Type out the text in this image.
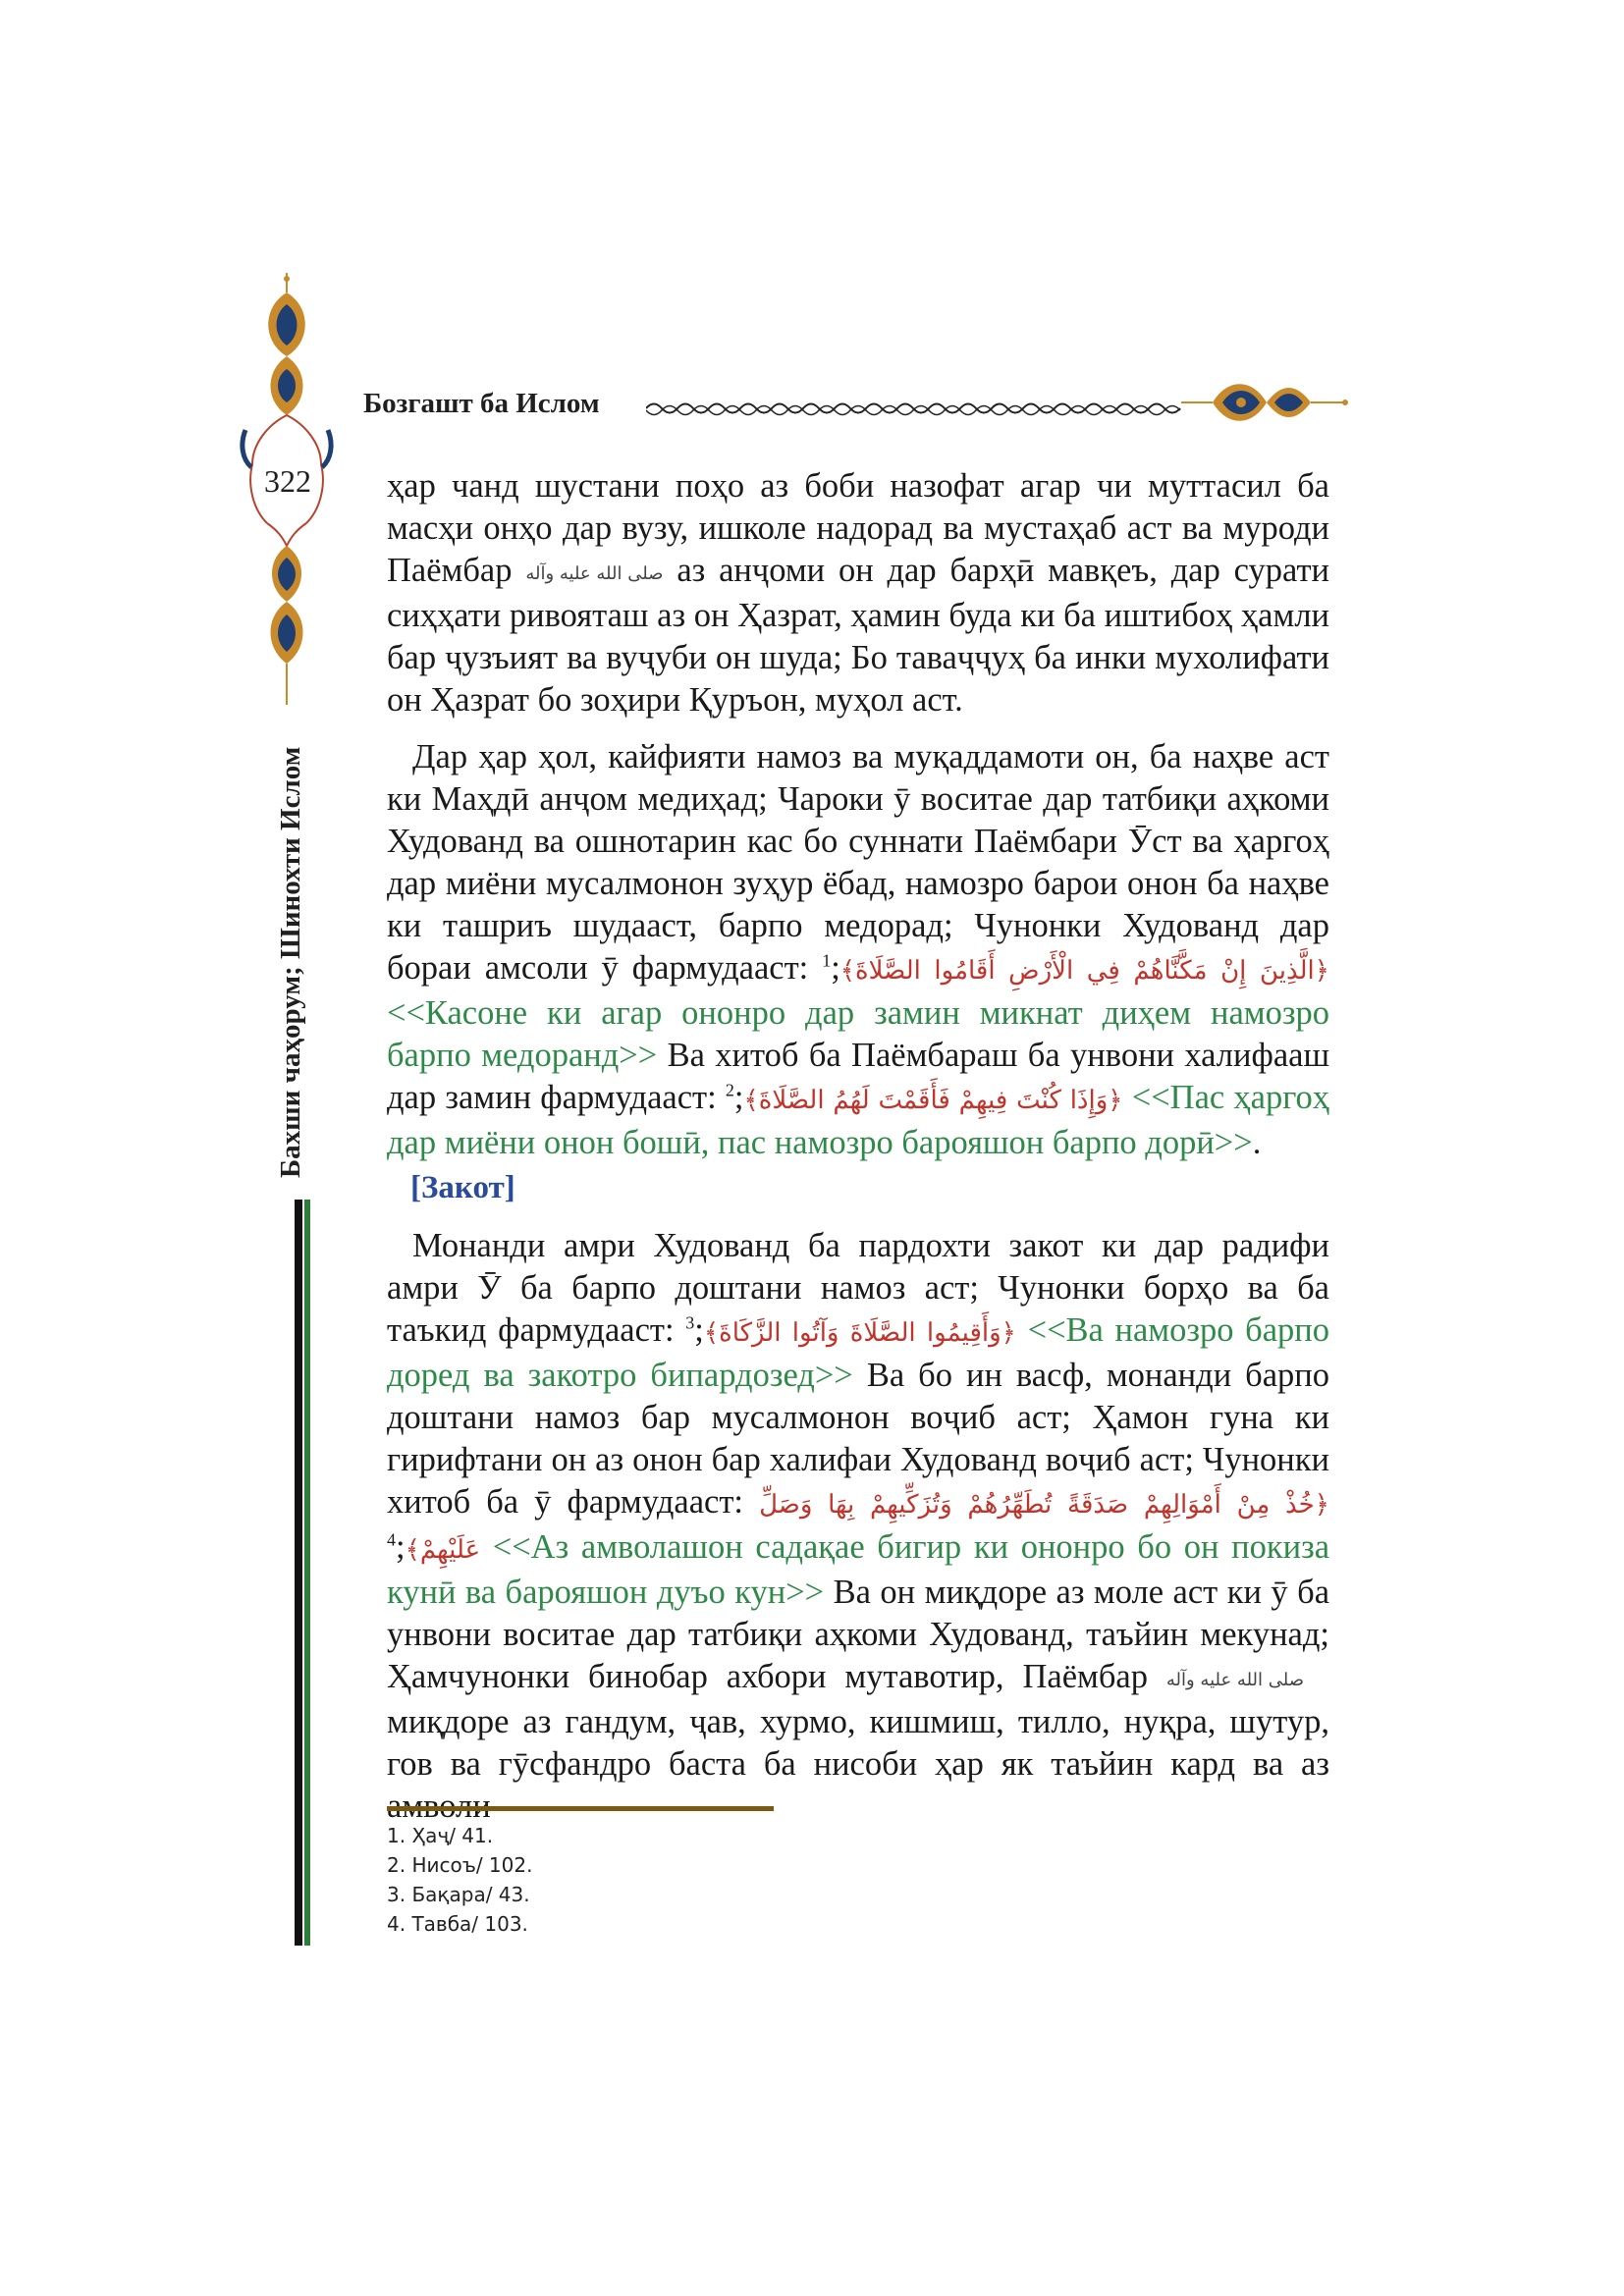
Бозгашт ба Ислом
322
Бахши чаҳорум; Шинохти Ислом

ҳар чанд шустани поҳо аз боби назофат агар чи муттасил ба масҳи онҳо дар вузу, ишколе надорад ва мустаҳаб аст ва муроди Паёмбар صلى الله عليه وآله аз анҷоми он дар барҳӣ мавқеъ, дар сурати сиҳҳати ривояташ аз он Ҳазрат, ҳамин буда ки ба иштибоҳ ҳамли бар ҷузъият ва вуҷуби он шуда; Бо таваҷҷуҳ ба инки мухолифати он Ҳазрат бо зоҳири Қуръон, муҳол аст.

Дар ҳар ҳол, кайфияти намоз ва муқаддамоти он, ба наҳве аст ки Маҳдӣ анҷом медиҳад; Чароки ӯ воситае дар татбиқи аҳкоми Худованд ва ошнотарин кас бо суннати Паёмбари Ӯст ва ҳаргоҳ дар миёни мусалмонон зуҳур ёбад, намозро барои онон ба наҳве ки ташриъ шудааст, барпо медорад; Чунонки Худованд дар бораи амсоли ӯ фармудааст: ﴿الَّذِينَ إِنْ مَكَّنَّاهُمْ فِي الْأَرْضِ أَقَامُوا الصَّلَاةَ﴾;$^1$ <<Касоне ки агар ононро дар замин микнат диҳем намозро барпо медоранд>> Ва хитоб ба Паёмбараш ба унвони халифааш дар замин фармудааст: ﴿وَإِذَا كُنْتَ فِيهِمْ فَأَقَمْتَ لَهُمُ الصَّلَاةَ﴾;$^2$	<<Пас ҳаргоҳ дар миёни онон бошӣ, пас намозро барояшон барпо дорӣ>>.

[Закот]

Монанди амри Худованд ба пардохти закот ки дар радифи амри Ӯ ба барпо доштани намоз аст; Чунонки борҳо ва ба таъкид фармудааст: ﴿وَأَقِيمُوا الصَّلَاةَ وَآتُوا الزَّكَاةَ﴾;$^3$	<<Ва намозро барпо доред ва закотро бипардозед>> Ва бо ин васф, монанди барпо доштани намоз бар мусалмонон воҷиб аст; Ҳамон гуна ки гирифтани он аз онон бар халифаи Худованд воҷиб аст; Чунонки хитоб ба ӯ фармудааст: ﴿خُذْ مِنْ أَمْوَالِهِمْ صَدَقَةً تُطَهِّرُهُمْ وَتُزَكِّيهِمْ بِهَا وَصَلِّ عَلَيْهِمْ﴾;$^4$	<<Аз амволашон садақае бигир ки ононро бо он покиза кунӣ ва барояшон дуъо кун>> Ва он миқдоре аз моле аст ки ӯ ба унвони воситае дар татбиқи аҳкоми Худованд, таъйин мекунад; Ҳамчунонки бинобар ахбори мутавотир, Паёмбар صلى الله عليه وآله миқдоре аз гандум, ҷав, хурмо, кишмиш, тилло, нуқра, шутур, гов ва гӯсфандро баста ба нисоби ҳар як таъйин кард ва аз

1. Ҳаҷ/ 41.
2. Нисоъ/ 102.
3. Бақара/ 43.
4. Тавба/ 103.
